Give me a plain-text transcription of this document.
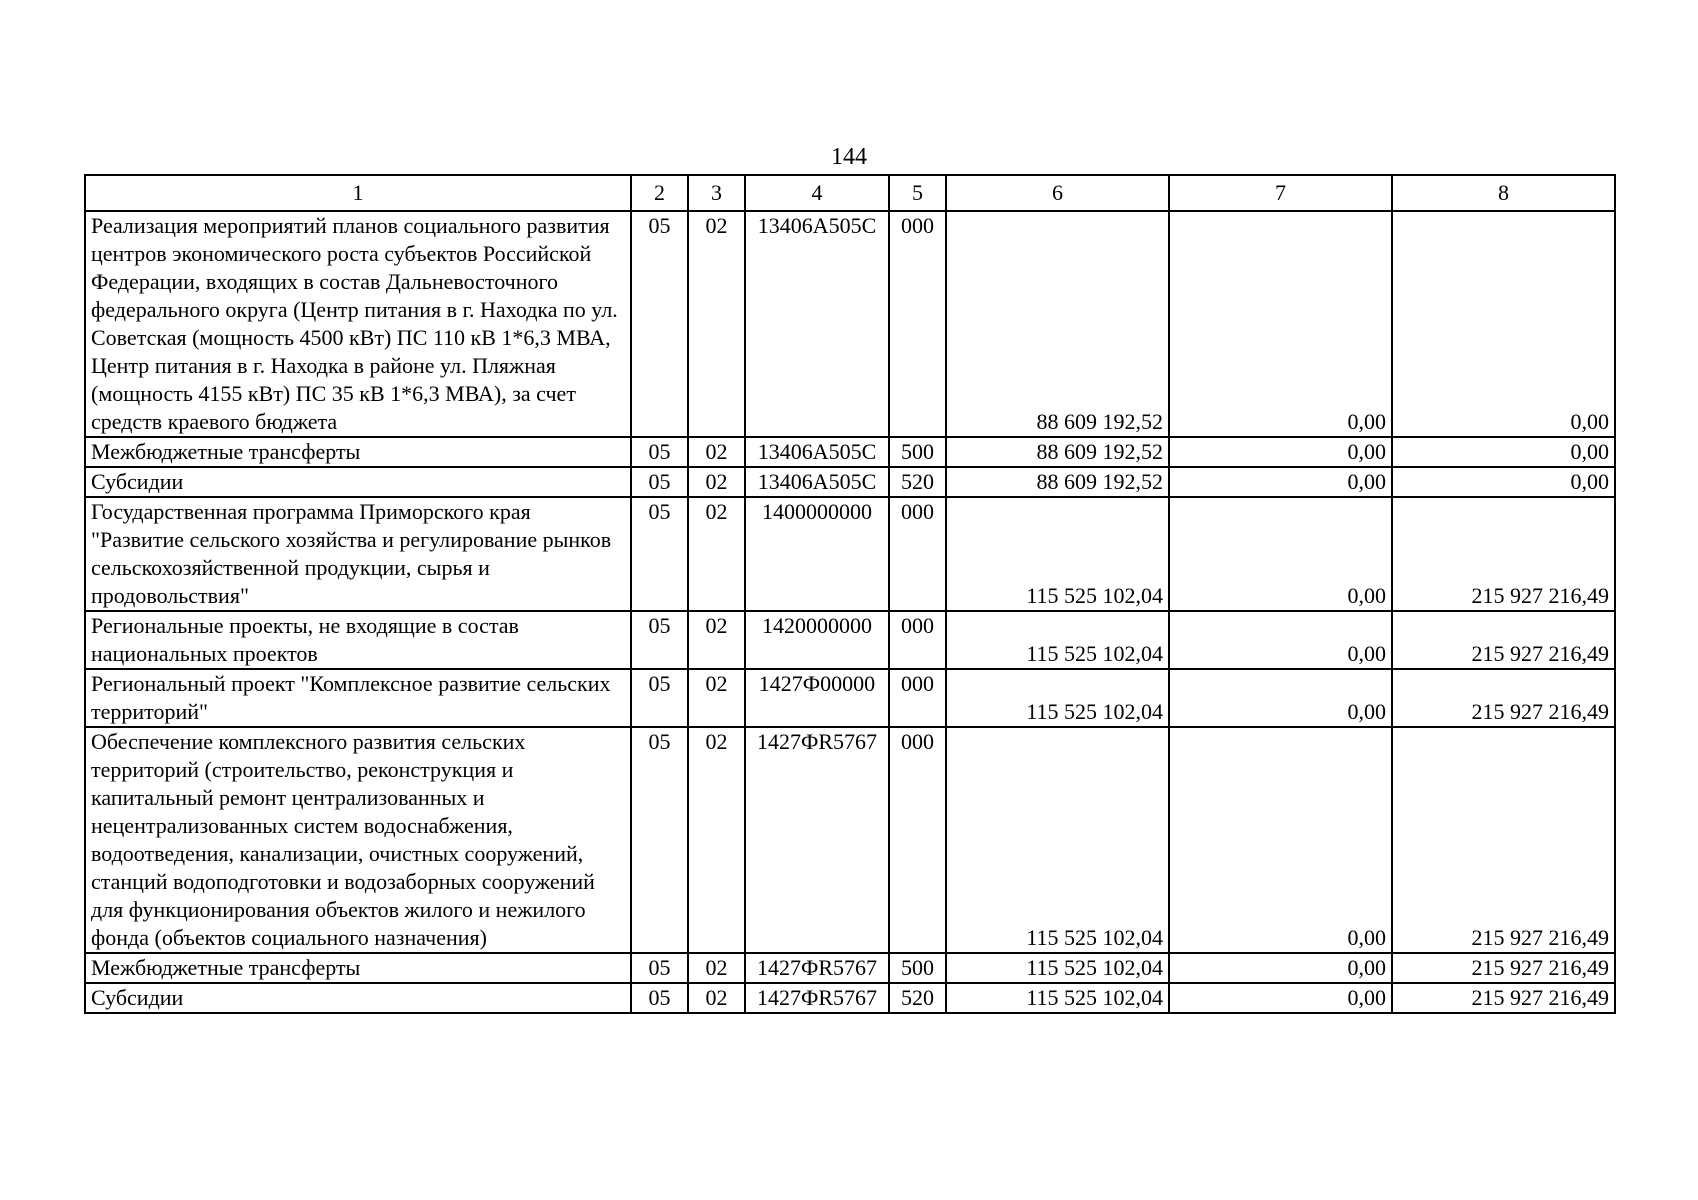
144
1	2	3	4	5	6	7	8
Реализация мероприятий планов социального развития центров экономического роста субъектов Российской Федерации, входящих в состав Дальневосточного федерального округа (Центр питания в г. Находка по ул. Советская (мощность 4500 кВт) ПС 110 кВ 1*6,3 МВА, Центр питания в г. Находка в районе ул. Пляжная (мощность 4155 кВт) ПС 35 кВ 1*6,3 МВА), за счет средств краевого бюджета	05	02	13406А505С	000	88 609 192,52	0,00	0,00
Межбюджетные трансферты	05	02	13406А505С	500	88 609 192,52	0,00	0,00
Субсидии	05	02	13406А505С	520	88 609 192,52	0,00	0,00
Государственная программа Приморского края "Развитие сельского хозяйства и регулирование рынков сельскохозяйственной продукции, сырья и продовольствия"	05	02	1400000000	000	115 525 102,04	0,00	215 927 216,49
Региональные проекты, не входящие в состав национальных проектов	05	02	1420000000	000	115 525 102,04	0,00	215 927 216,49
Региональный проект "Комплексное развитие сельских территорий"	05	02	1427Ф00000	000	115 525 102,04	0,00	215 927 216,49
Обеспечение комплексного развития сельских территорий (строительство, реконструкция и капитальный ремонт централизованных и нецентрализованных систем водоснабжения, водоотведения, канализации, очистных сооружений, станций водоподготовки и водозаборных сооружений для функционирования объектов жилого и нежилого фонда (объектов социального назначения)	05	02	1427ФR5767	000	115 525 102,04	0,00	215 927 216,49
Межбюджетные трансферты	05	02	1427ФR5767	500	115 525 102,04	0,00	215 927 216,49
Субсидии	05	02	1427ФR5767	520	115 525 102,04	0,00	215 927 216,49
